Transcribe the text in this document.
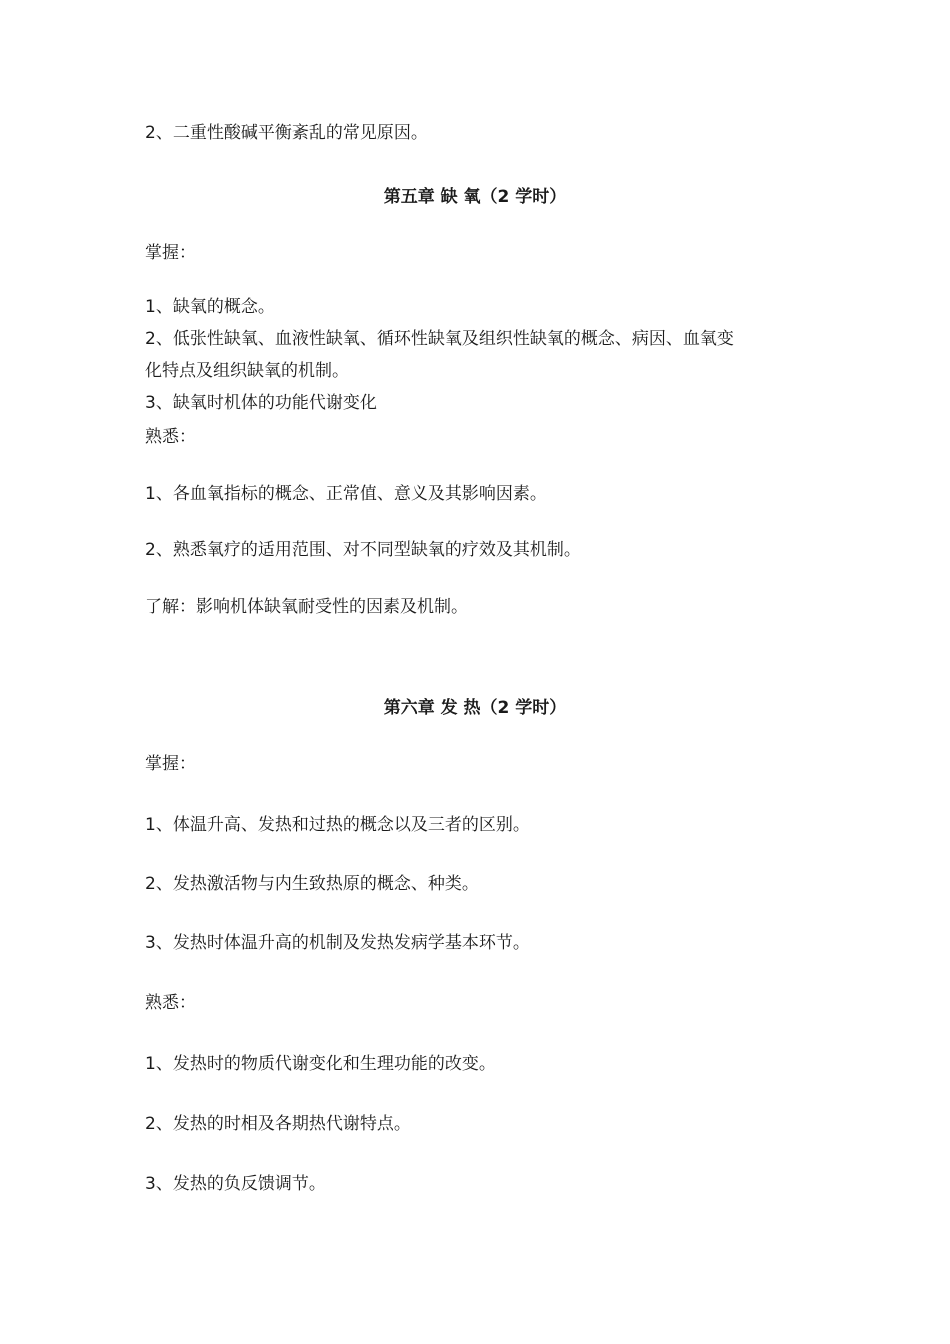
2、二重性酸碱平衡紊乱的常见原因。
第五章 缺 氧（2 学时）
掌握：
1、缺氧的概念。
2、低张性缺氧、血液性缺氧、循环性缺氧及组织性缺氧的概念、病因、血氧变
化特点及组织缺氧的机制。
3、缺氧时机体的功能代谢变化
熟悉：
1、各血氧指标的概念、正常值、意义及其影响因素。
2、熟悉氧疗的适用范围、对不同型缺氧的疗效及其机制。
了解：影响机体缺氧耐受性的因素及机制。
第六章 发 热（2 学时）
掌握：
1、体温升高、发热和过热的概念以及三者的区别。
2、发热激活物与内生致热原的概念、种类。
3、发热时体温升高的机制及发热发病学基本环节。
熟悉：
1、发热时的物质代谢变化和生理功能的改变。
2、发热的时相及各期热代谢特点。
3、发热的负反馈调节。
